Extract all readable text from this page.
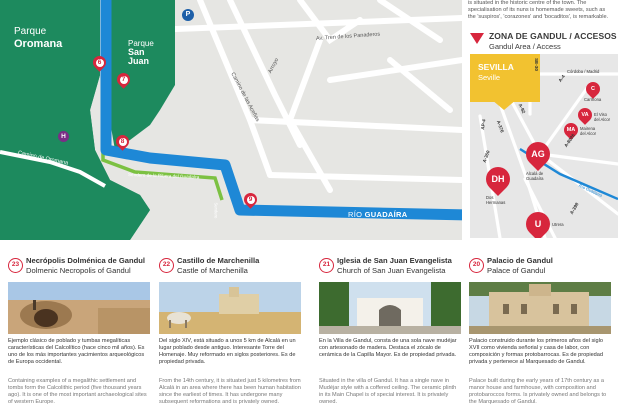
Parque
Oromana	Parque
San
Juan
Av. Tren de los Panaderos
Arroyo
Camino de las Aceñas
Camino de Oromana
Sendero de la Ribera del Guadaíra
Sendero	RÍO GUADAÍRA
P
H
6
7
8
9
is situated in the historic centre of the town. The
specialisation of its nuns is homemade sweets, such as
the 'suspiros', 'corazones' and 'bocaditos', is remarkable.
ZONA DE GANDUL / ACCESOS
Gandul Area / Access
SEVILLA
Seville
AG
DH
U
C
VA
MA
Córdoba / Madrid
Carmona
El Viso
del Alcor
Mairena
del Alcor
Alcalá de
Guadaíra
Dos
Hermanas
Utrera
SE-30
A-92
A-376
AP-4
A-360
A-4
A-8026
A-398
Río Guadaíra
23 Necrópolis Dolménica de Gandul
Dolmenic Necropolis of Gandul
Ejemplo clásico de poblado y tumbas megalíticas características del Calcolítico (hace cinco mil años). Es uno de los más importantes yacimientos arqueológicos de Europa occidental.
Containing examples of a megalithic settlement and tombs form the Calcolithic period (five thousand years ago). It is one of the most important archaeological sites of western Europe.
22 Castillo de Marchenilla
Castle of Marchenilla
Del siglo XIV, está situado a unos 5 km de Alcalá en un lugar poblado desde antiguo. Interesante Torre del Homenaje. Muy reformado en siglos posteriores. Es de propiedad privada.
From the 14th century, it is situated just 5 kilometres from Alcalá in an area where there has been human habitation since the earliest of times. It has undergone many subsequent reformations and is privately owned.
21 Iglesia de San Juan Evangelista
Church of San Juan Evangelista
En la Villa de Gandul, consta de una sola nave mudéjar con artesonado de madera. Destaca el zócalo de cerámica de la Capilla Mayor. Es de propiedad privada.
Situated in the villa of Gandul. It has a single nave in Mudéjar style with a coffered ceiling. The ceramic plinth in its Main Chapel is of special interest. It is privately owned.
20 Palacio de Gandul
Palace of Gandul
Palacio construido durante los primeros años del siglo XVII como vivienda señorial y casa de labor, con composición y formas protobarrocas. Es de propiedad privada y pertenece al Marquesado de Gandul.
Palace built during the early years of 17th century as a manor house and farmhouse, with composition and protobaroccos forms. Is privately owned and belongs to the Marquesado of Gandul.
